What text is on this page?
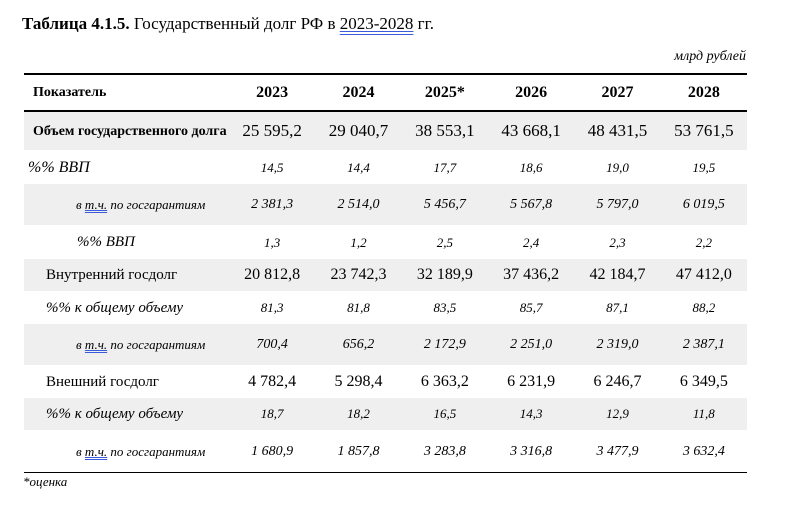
Таблица 4.1.5. Государственный долг РФ в 2023-2028 гг.
млрд рублей
Показатель	2023	2024	2025*	2026	2027	2028
Объем государственного долга	25 595,2	29 040,7	38 553,1	43 668,1	48 431,5	53 761,5
%% ВВП	14,5	14,4	17,7	18,6	19,0	19,5
в т.ч. по госгарантиям	2 381,3	2 514,0	5 456,7	5 567,8	5 797,0	6 019,5
%% ВВП	1,3	1,2	2,5	2,4	2,3	2,2
Внутренний госдолг	20 812,8	23 742,3	32 189,9	37 436,2	42 184,7	47 412,0
%% к общему объему	81,3	81,8	83,5	85,7	87,1	88,2
в т.ч. по госгарантиям	700,4	656,2	2 172,9	2 251,0	2 319,0	2 387,1
Внешний госдолг	4 782,4	5 298,4	6 363,2	6 231,9	6 246,7	6 349,5
%% к общему объему	18,7	18,2	16,5	14,3	12,9	11,8
в т.ч. по госгарантиям	1 680,9	1 857,8	3 283,8	3 316,8	3 477,9	3 632,4
*оценка
